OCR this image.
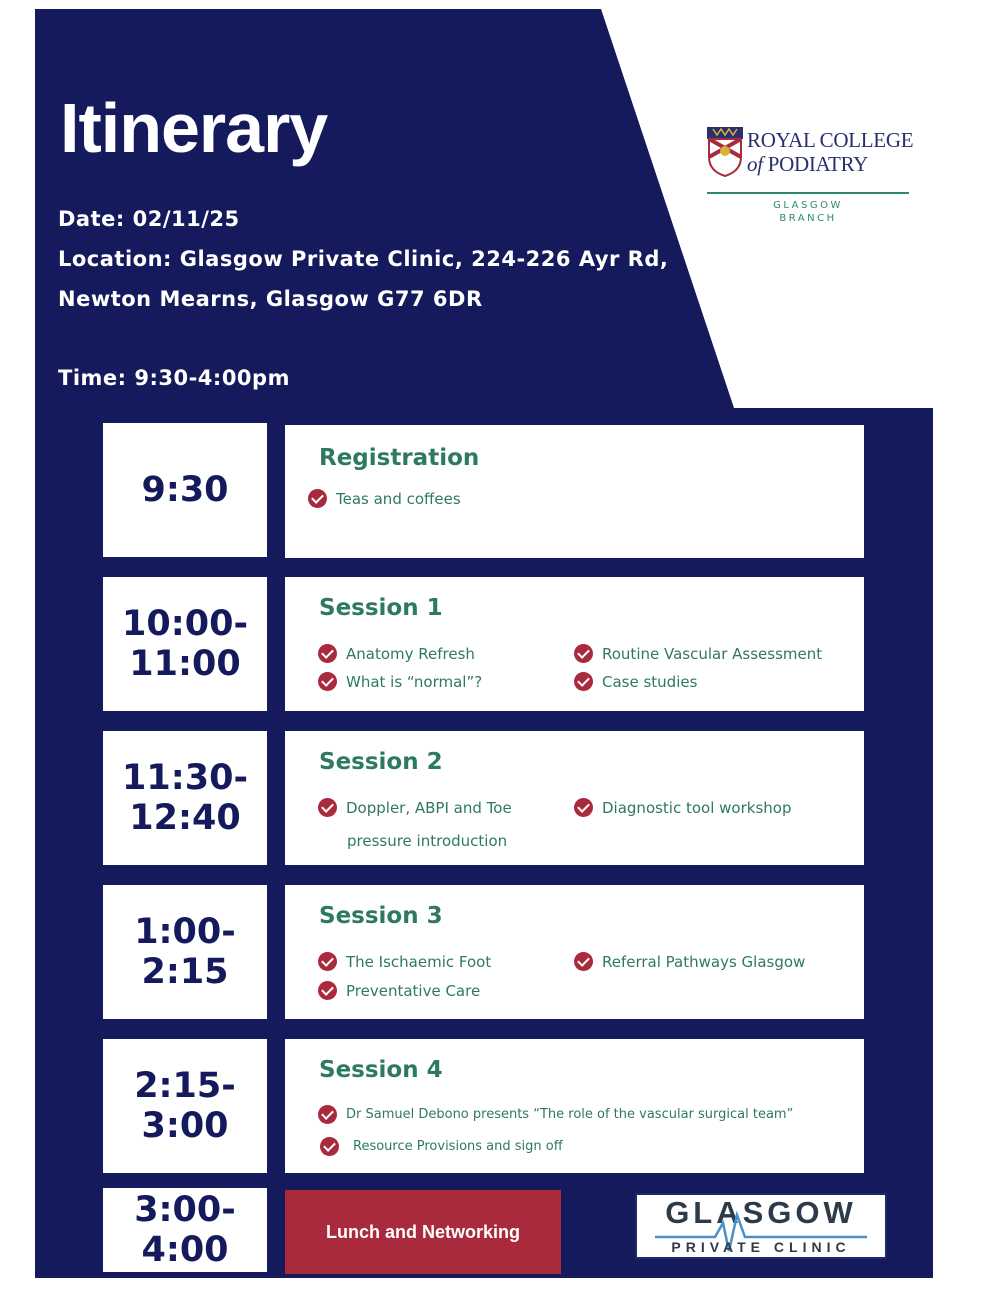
Itinerary
Date: 02/11/25
Location: Glasgow Private Clinic, 224-226 Ayr Rd,
Newton Mearns, Glasgow G77 6DR
Time: 9:30-4:00pm
ROYAL COLLEGE
of PODIATRY
GLASGOW
BRANCH
9:30
Registration
Teas and coffees
10:00-
11:00
Session 1
Anatomy Refresh
What is “normal”?
Routine Vascular Assessment
Case studies
11:30-
12:40
Session 2
Doppler, ABPI and Toe
pressure introduction
Diagnostic tool workshop
1:00-
2:15
Session 3
The Ischaemic Foot
Preventative Care
Referral Pathways Glasgow
2:15-
3:00
Session 4
Dr Samuel Debono presents “The role of the vascular surgical team”
Resource Provisions and sign off
3:00-
4:00	Lunch and Networking
GLASGOW
PRIVATE CLINIC
